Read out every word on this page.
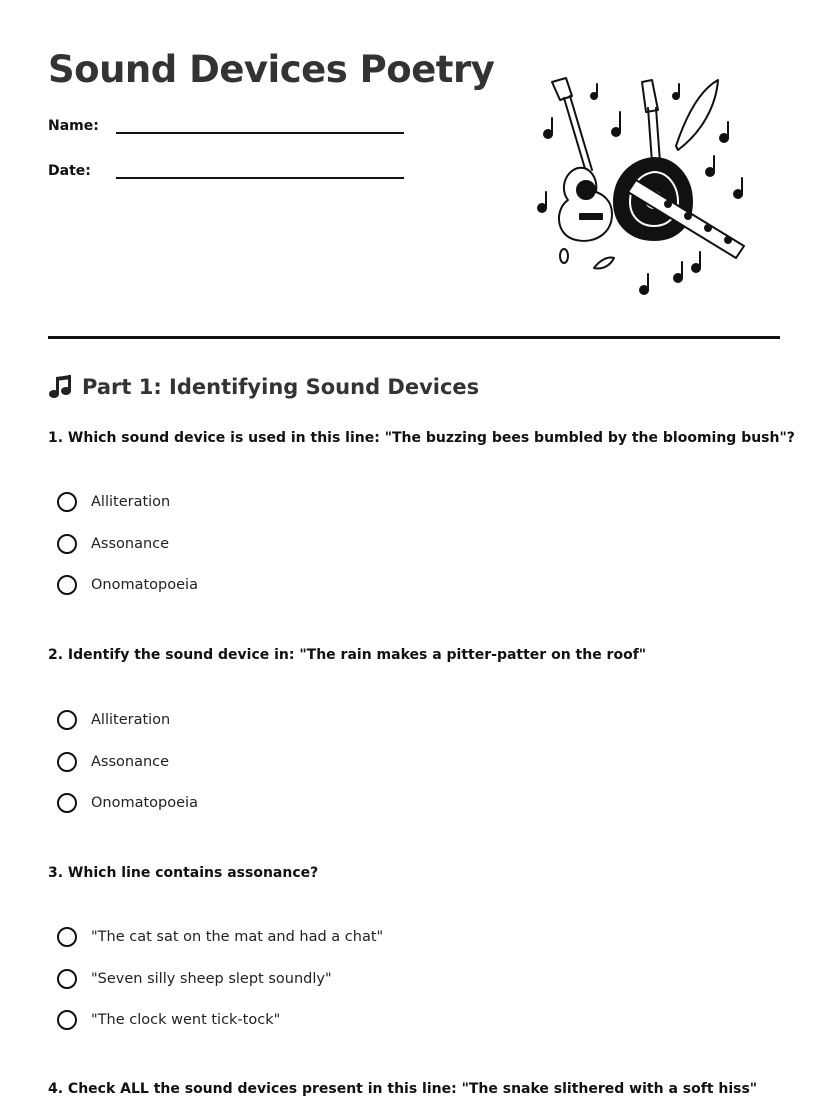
Sound Devices Poetry
Name:
Date:
Part 1: Identifying Sound Devices
1. Which sound device is used in this line: "The buzzing bees bumbled by the blooming bush"?
Alliteration
Assonance
Onomatopoeia
2. Identify the sound device in: "The rain makes a pitter-patter on the roof"
Alliteration
Assonance
Onomatopoeia
3. Which line contains assonance?
"The cat sat on the mat and had a chat"
"Seven silly sheep slept soundly"
"The clock went tick-tock"
4. Check ALL the sound devices present in this line: "The snake slithered with a soft hiss"
